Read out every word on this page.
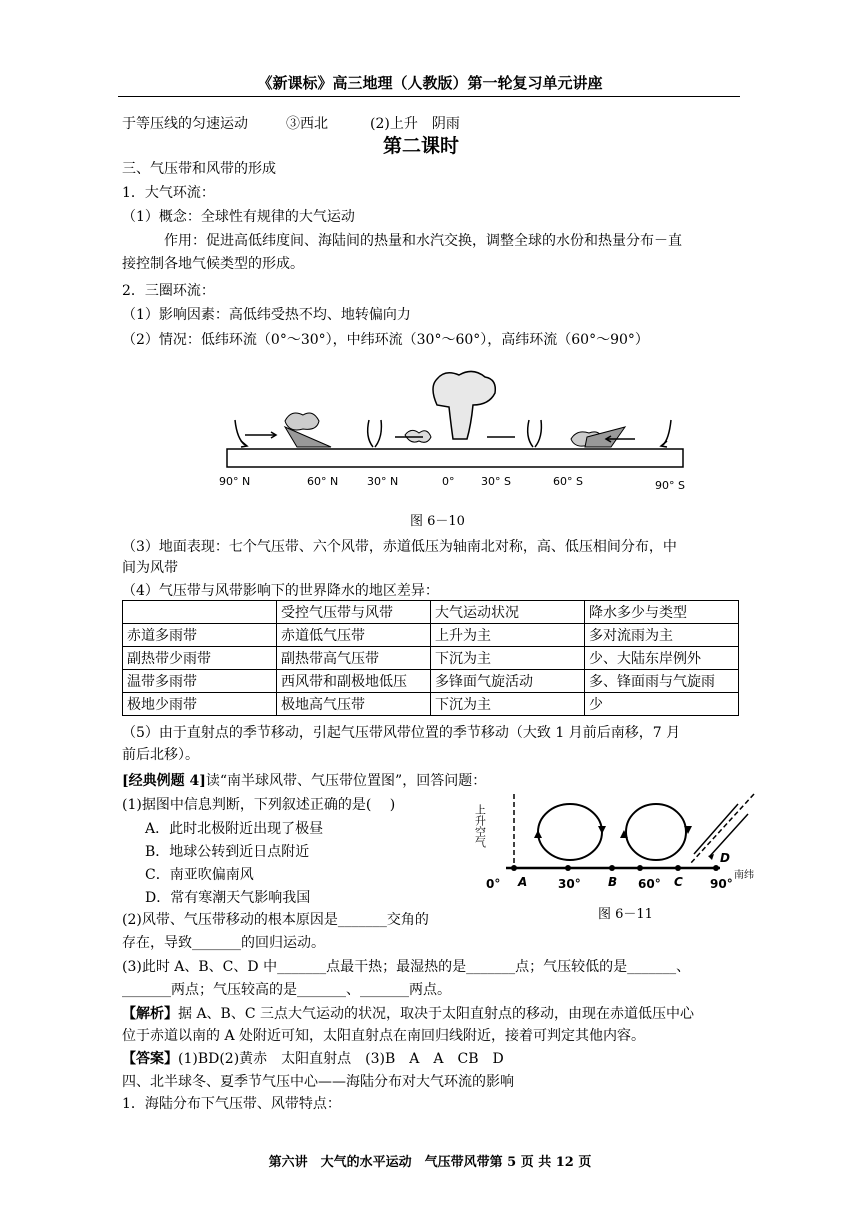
《新课标》高三地理（人教版）第一轮复习单元讲座
于等压线的匀速运动	③西北	(2)上升　阴雨
第二课时
三、气压带和风带的形成
1．大气环流：
（1）概念：全球性有规律的大气运动
作用：促进高低纬度间、海陆间的热量和水汽交换，调整全球的水份和热量分布－直
接控制各地气候类型的形成。
2．三圈环流：
（1）影响因素：高低纬受热不均、地转偏向力
（2）情况：低纬环流（0°～30°），中纬环流（30°～60°），高纬环流（60°～90°）
90° N	60° N	30° N	0° 30° S	60° S	90° S
图 6－10
（3）地面表现：七个气压带、六个风带，赤道低压为轴南北对称，高、低压相间分布，中
间为风带
（4）气压带与风带影响下的世界降水的地区差异：
	受控气压带与风带	大气运动状况	降水多少与类型
赤道多雨带	赤道低气压带	上升为主	多对流雨为主
副热带少雨带	副热带高气压带	下沉为主	少、大陆东岸例外
温带多雨带	西风带和副极地低压	多锋面气旋活动	多、锋面雨与气旋雨
极地少雨带	极地高气压带	下沉为主	少
（5）由于直射点的季节移动，引起气压带风带位置的季节移动（大致 1 月前后南移，7 月
前后北移）。
[经典例题 4]读“南半球风带、气压带位置图”，回答问题：
(1)据图中信息判断，下列叙述正确的是(　 )
A．此时北极附近出现了极昼
B．地球公转到近日点附近
C．南亚吹偏南风
D．常有寒潮天气影响我国
上升空气
0° A	30° B 60° C 90°
D
南纬
图 6－11
(2)风带、气压带移动的根本原因是_______交角的
存在，导致_______的回归运动。
(3)此时 A、B、C、D 中_______点最干热；最湿热的是_______点；气压较低的是_______、
_______两点；气压较高的是_______、_______两点。
【解析】据 A、B、C 三点大气运动的状况，取决于太阳直射点的移动，由现在赤道低压中心
位于赤道以南的 A 处附近可知，太阳直射点在南回归线附近，接着可判定其他内容。
【答案】(1)BD(2)黄赤　太阳直射点　(3)B　A　A　CB　D
四、北半球冬、夏季节气压中心——海陆分布对大气环流的影响
1．海陆分布下气压带、风带特点：
第六讲　大气的水平运动　气压带风带第 5 页 共 12 页
